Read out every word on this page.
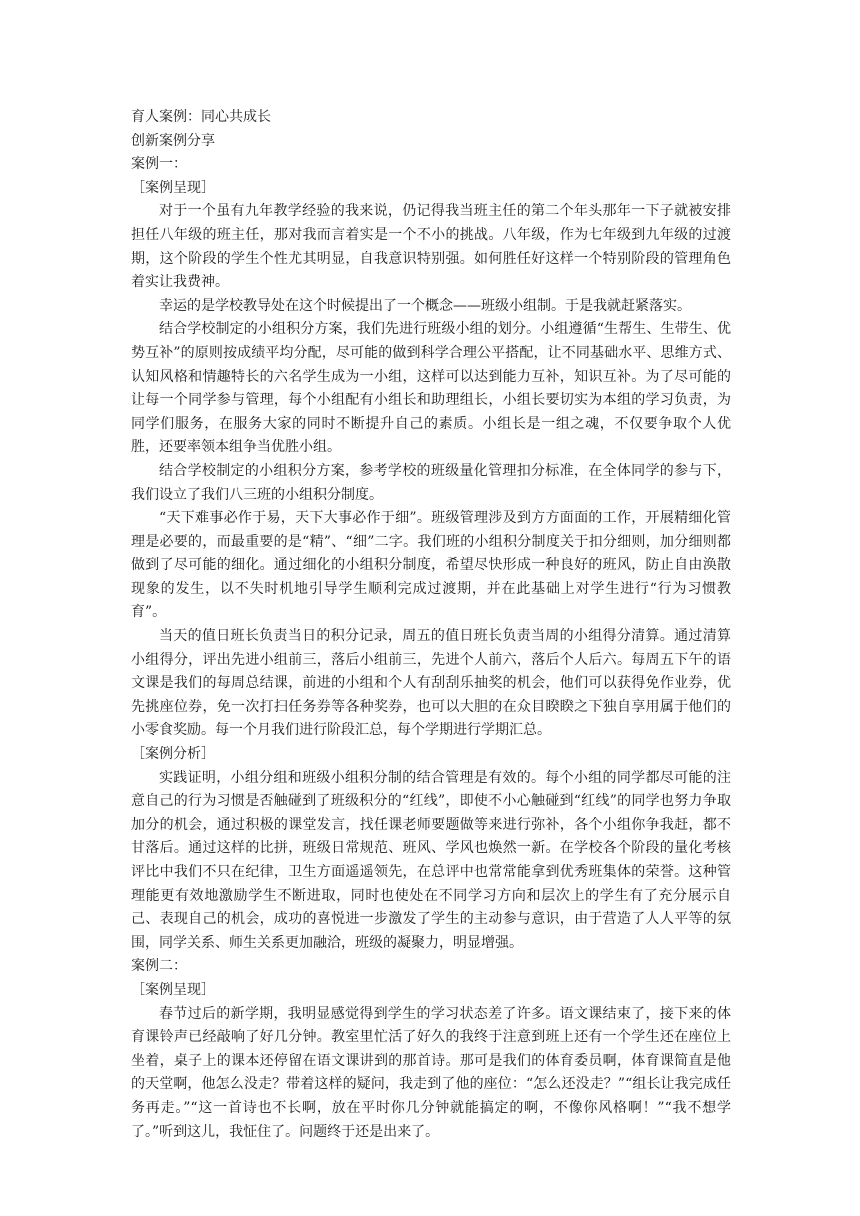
育人案例：同心共成长
创新案例分享
案例一：
［案例呈现］
对于一个虽有九年教学经验的我来说，仍记得我当班主任的第二个年头那年一下子就被安排担任八年级的班主任，那对我而言着实是一个不小的挑战。八年级，作为七年级到九年级的过渡期，这个阶段的学生个性尤其明显，自我意识特别强。如何胜任好这样一个特别阶段的管理角色着实让我费神。
幸运的是学校教导处在这个时候提出了一个概念——班级小组制。于是我就赶紧落实。
结合学校制定的小组积分方案，我们先进行班级小组的划分。小组遵循“生帮生、生带生、优势互补”的原则按成绩平均分配，尽可能的做到科学合理公平搭配，让不同基础水平、思维方式、认知风格和情趣特长的六名学生成为一小组，这样可以达到能力互补，知识互补。为了尽可能的让每一个同学参与管理，每个小组配有小组长和助理组长，小组长要切实为本组的学习负责，为同学们服务，在服务大家的同时不断提升自己的素质。小组长是一组之魂，不仅要争取个人优胜，还要率领本组争当优胜小组。
结合学校制定的小组积分方案，参考学校的班级量化管理扣分标准，在全体同学的参与下，我们设立了我们八三班的小组积分制度。
“天下难事必作于易，天下大事必作于细”。班级管理涉及到方方面面的工作，开展精细化管理是必要的，而最重要的是“精”、“细”二字。我们班的小组积分制度关于扣分细则，加分细则都做到了尽可能的细化。通过细化的小组积分制度，希望尽快形成一种良好的班风，防止自由涣散现象的发生，以不失时机地引导学生顺利完成过渡期，并在此基础上对学生进行“行为习惯教育”。
当天的值日班长负责当日的积分记录，周五的值日班长负责当周的小组得分清算。通过清算小组得分，评出先进小组前三，落后小组前三，先进个人前六，落后个人后六。每周五下午的语文课是我们的每周总结课，前进的小组和个人有刮刮乐抽奖的机会，他们可以获得免作业券，优先挑座位券，免一次打扫任务券等各种奖券，也可以大胆的在众目睽睽之下独自享用属于他们的小零食奖励。每一个月我们进行阶段汇总，每个学期进行学期汇总。
［案例分析］
实践证明，小组分组和班级小组积分制的结合管理是有效的。每个小组的同学都尽可能的注意自己的行为习惯是否触碰到了班级积分的“红线”，即使不小心触碰到“红线”的同学也努力争取加分的机会，通过积极的课堂发言，找任课老师要题做等来进行弥补，各个小组你争我赶，都不甘落后。通过这样的比拼，班级日常规范、班风、学风也焕然一新。在学校各个阶段的量化考核评比中我们不只在纪律，卫生方面遥遥领先，在总评中也常常能拿到优秀班集体的荣誉。这种管理能更有效地激励学生不断进取，同时也使处在不同学习方向和层次上的学生有了充分展示自己、表现自己的机会，成功的喜悦进一步激发了学生的主动参与意识，由于营造了人人平等的氛围，同学关系、师生关系更加融洽，班级的凝聚力，明显增强。
案例二：
［案例呈现］
春节过后的新学期，我明显感觉得到学生的学习状态差了许多。语文课结束了，接下来的体育课铃声已经敲响了好几分钟。教室里忙活了好久的我终于注意到班上还有一个学生还在座位上坐着，桌子上的课本还停留在语文课讲到的那首诗。那可是我们的体育委员啊，体育课简直是他的天堂啊，他怎么没走？带着这样的疑问，我走到了他的座位：“怎么还没走？”“组长让我完成任务再走。”“这一首诗也不长啊，放在平时你几分钟就能搞定的啊，不像你风格啊！”“我不想学了。”听到这儿，我怔住了。问题终于还是出来了。
